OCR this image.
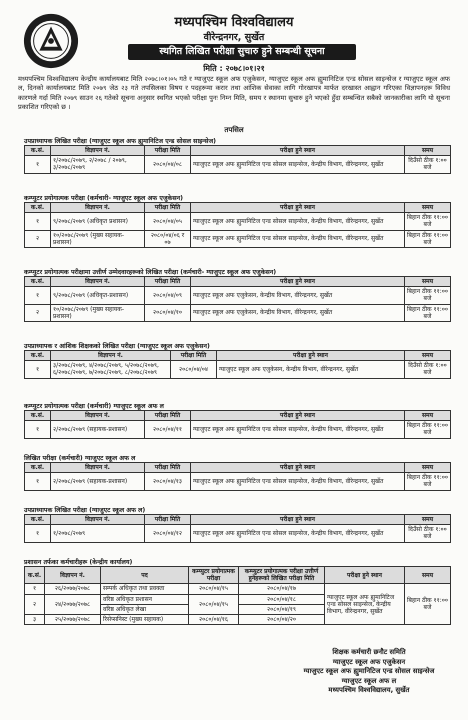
मध्यपश्चिम विश्वविद्यालय
वीरेन्द्रनगर, सुर्खेत
स्थगित लिखित परीक्षा सुचारु हुने सम्बन्धी सूचना
मिति : २०७८।०१।२१
मध्यपश्चिम विश्वविद्यालय केन्द्रीय कार्यालयबाट मिति २०७८।०१।०५ गते र ग्याजुएट स्कूल अफ एजुकेसन, ग्याजुएट स्कूल अफ ह्युमानिटिज एन्ड सोसल साइन्सेज र ग्याजुएट स्कूल अफ ल, दिनको कार्यालयबाट मिति २०७९ जेठ २३ गते तपसिलका विषय र पदहरूमा करार तथा आंशिक सेवाका लागि गोरखापत्र मार्फत दरखास्त आह्वान गरिएका विज्ञापनहरू विविध कारणले गर्दा मिति २०७९ साउन २६ गतेको सूचना अनुसार स्थगित भएको परीक्षा पुनः निम्न मिति, समय र स्थानमा सुचारु हुने भएको हुँदा सम्बन्धित सबैको जानकारीका लागि यो सूचना प्रकाशित गरिएको छ ।
तपसिल
उपप्राध्यापक लिखित परीक्षा (ग्याजुएट स्कूल अफ ह्युमानिटिज एन्ड सोसल साइन्सेज)
क.सं.	विज्ञापन नं.	परीक्षा मिति	परीक्षा हुने स्थान	समय
१	१/२०७८/२०७९, २/२०७८ / २०७९, ३/२०७८/२०७९	२०८०/०४/०८	ग्याजुएट स्कूल अफ ह्युमानिटिज एन्ड सोसल साइन्सेज, केन्द्रीय विभाग, वीरेन्द्रनगर, सुर्खेत	दिउँसो ठीक १:०० बजे
कम्प्युटर प्रयोगात्मक परीक्षा (कर्मचारी- ग्याजुएट स्कूल अफ एजुकेसन)
क.सं.	विज्ञापन नं.	परीक्षा मिति	परीक्षा हुने स्थान	समय
१	९/२०७८/२०७९ (अधिकृत प्रशासन)	२०८०/०४/०५	ग्याजुएट स्कूल अफ ह्युमानिटिज एन्ड सोसल साइन्सेज, केन्द्रीय विभाग, वीरेन्द्रनगर, सुर्खेत	बिहान ठीक ११:०० बजे
२	१०/२०७८/२०७९ (मुख्य सहायक-प्रशासन)	२०८०/०४/०६ र ०७	ग्याजुएट स्कूल अफ ह्युमानिटिज एन्ड सोसल साइन्सेज, केन्द्रीय विभाग, वीरेन्द्रनगर, सुर्खेत	बिहान ठीक ११:०० बजे
कम्प्युटर प्रयोगात्मक परीक्षामा उत्तीर्ण उम्मेदवारहरूको लिखित परीक्षा (कर्मचारी- ग्याजुएट स्कूल अफ एजुकेसन)
क.सं.	विज्ञापन नं.	परीक्षा मिति	परीक्षा हुने स्थान	समय
१	९/२०७८/२०७९ (अधिकृत-प्रशासन)	२०८०/०४/०९	ग्याजुएट स्कूल अफ एजुकेसन, केन्द्रीय विभाग, वीरेन्द्रनगर, सुर्खेत	बिहान ठीक ११:०० बजे
२	१०/२०७८/२०७९ (मुख्य सहायक- प्रशासन)	२०८०/०४/१०	ग्याजुएट स्कूल अफ एजुकेसन, केन्द्रीय विभाग, वीरेन्द्रनगर, सुर्खेत	बिहान ठीक ११:०० बजे
उपप्राध्यापक र आंशिक शिक्षकको लिखित परीक्षा (ग्याजुएट स्कूल अफ एजुकेसन)
क.सं.	विज्ञापन नं.	परीक्षा मिति	परीक्षा हुने स्थान	समय
१	३/२०७८/२०७९, ४/२०७८/२०७९, ५/२०७८/२०७९, ६/२०७८/२०७९, ७/२०७८/२०७९, ८/२०७८/२०७९	२०८०/०४/०४	ग्याजुएट स्कूल अफ एजुकेसन, केन्द्रीय विभाग, वीरेन्द्रनगर, सुर्खेत	दिउँसो ठीक १:०० बजे
कम्प्युटर प्रयोगात्मक परीक्षा (कर्मचारी) ग्याजुएट स्कूल अफ ल
क.सं.	विज्ञापन नं.	परीक्षा मिति	परीक्षा हुने स्थान	समय
१	२/२०७८/२०७९ (सहायक-प्रशासन)	२०८०/०४/११	ग्याजुएट स्कूल अफ ह्युमानिटिज एन्ड सोसल साइन्सेज, केन्द्रीय विभाग, वीरेन्द्रनगर, सुर्खेत	बिहान ठीक ११:०० बजे
लिखित परीक्षा (कर्मचारी) ग्याजुएट स्कूल अफ ल
क.सं.	विज्ञापन नं.	परीक्षा मिति	परीक्षा हुने स्थान	समय
१	२/२०७८/२०७९ (सहायक-प्रशासन)	२०८०/०४/१३	ग्याजुएट स्कूल अफ ह्युमानिटिज एन्ड सोसल साइन्सेज, केन्द्रीय विभाग, वीरेन्द्रनगर, सुर्खेत	बिहान ठीक ११:०० बजे
उपप्राध्यापक लिखित परीक्षा (ग्याजुएट स्कूल अफ ल)
क.सं.	विज्ञापन नं.	परीक्षा मिति	परीक्षा हुने स्थान	समय
१	१/२०७८/२०७९	२०८०/०४/१२	ग्याजुएट स्कूल अफ ह्युमानिटिज एन्ड सोसल साइन्सेज, केन्द्रीय विभाग, वीरेन्द्रनगर, सुर्खेत	दिउँसो ठीक १:०० बजे
प्रशासन तर्फका कर्मचारीहरू (केन्द्रीय कार्यालय)
क.सं.	विज्ञापन नं.	पद	कम्प्युटर प्रयोगात्मक परीक्षा	कम्प्युटर प्रयोगात्मक परीक्षा उत्तीर्ण हुनेहरूको लिखित परीक्षा मिति	परीक्षा हुने स्थान	समय
१	२६/२०७७/२०७८	सम्पर्क अधिकृत तथा प्रवक्ता	२०८०/०४/१५	२०८०/०४/१७	ग्याजुएट स्कूल अफ ह्युमानिटिज एन्ड सोसल साइन्सेज, केन्द्रीय विभाग, वीरेन्द्रनगर, सुर्खेत	बिहान ठीक ११:०० बजे
२	२४/२०७७/२०७८	वरिष्ठ अधिकृत प्रशासन	२०८०/०४/१५	२०८०/०४/१८		
		वरिष्ठ अधिकृत लेखा		२०८०/०४/१९		
३	२५/२०७७/२०७८	रिसेप्सनिस्ट (मुख्य सहायक)	२०८०/०४/१६	२०८०/०४/२०		
शिक्षक कर्मचारी छनौट समिति
ग्याजुएट स्कूल अफ एजुकेसन
ग्याजुएट स्कूल अफ ह्युमानिटिज एन्ड सोसल साइन्सेज
ग्याजुएट स्कूल अफ ल
मध्यपश्चिम विश्वविद्यालय, सुर्खेत
